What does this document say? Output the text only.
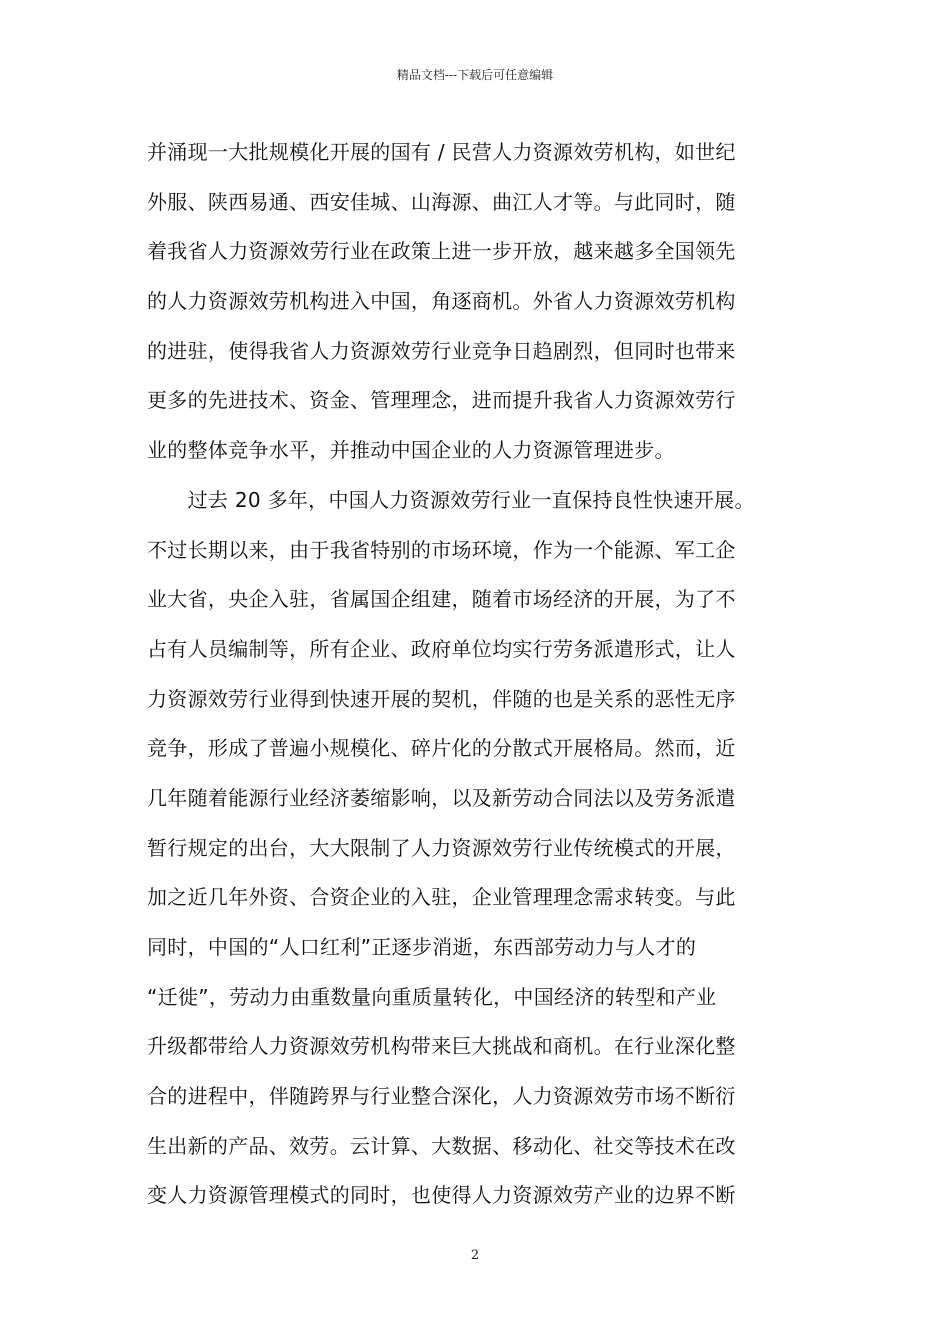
精品文档---下载后可任意编辑
并涌现一大批规模化开展的国有 / 民营人力资源效劳机构，如世纪
外服、陕西易通、西安佳城、山海源、曲江人才等。与此同时，随
着我省人力资源效劳行业在政策上进一步开放，越来越多全国领先
的人力资源效劳机构进入中国，角逐商机。外省人力资源效劳机构
的进驻，使得我省人力资源效劳行业竞争日趋剧烈，但同时也带来
更多的先进技术、资金、管理理念，进而提升我省人力资源效劳行
业的整体竞争水平，并推动中国企业的人力资源管理进步。
　　过去 20 多年，中国人力资源效劳行业一直保持良性快速开展。
不过长期以来，由于我省特别的市场环境，作为一个能源、军工企
业大省，央企入驻，省属国企组建，随着市场经济的开展，为了不
占有人员编制等，所有企业、政府单位均实行劳务派遣形式，让人
力资源效劳行业得到快速开展的契机，伴随的也是关系的恶性无序
竞争，形成了普遍小规模化、碎片化的分散式开展格局。然而，近
几年随着能源行业经济萎缩影响，以及新劳动合同法以及劳务派遣
暂行规定的出台，大大限制了人力资源效劳行业传统模式的开展，
加之近几年外资、合资企业的入驻，企业管理理念需求转变。与此
同时，中国的“人口红利”正逐步消逝，东西部劳动力与人才的
“迁徙”，劳动力由重数量向重质量转化，中国经济的转型和产业
升级都带给人力资源效劳机构带来巨大挑战和商机。在行业深化整
合的进程中，伴随跨界与行业整合深化，人力资源效劳市场不断衍
生出新的产品、效劳。云计算、大数据、移动化、社交等技术在改
变人力资源管理模式的同时，也使得人力资源效劳产业的边界不断
2
